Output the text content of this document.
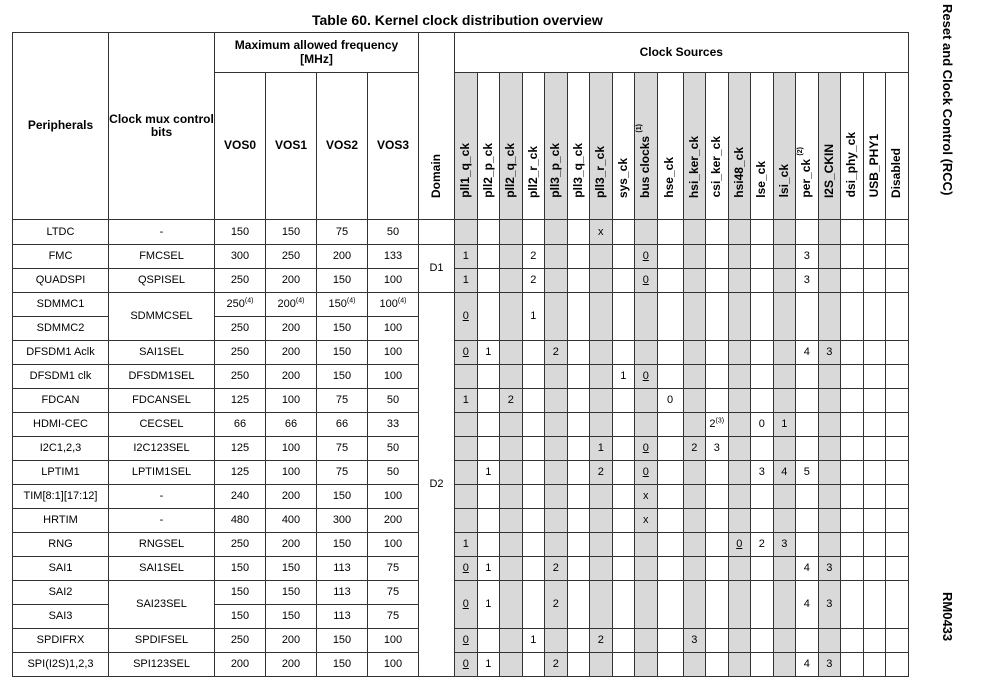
Table 60. Kernel clock distribution overview
Peripherals	Clock mux control bits	Maximum allowed frequency [MHz]				Domain	Clock Sources																			
		VOS0	VOS1	VOS2	VOS3		pll1_q_ck	pll2_p_ck	pll2_q_ck	pll2_r_ck	pll3_p_ck	pll3_q_ck	pll3_r_ck	sys_ck	bus clocks $^{(1)}$	hse_ck	hsi_ker_ck	csi_ker_ck	hsi48_ck	lse_ck	lsi_ck	per_ck $^{(2)}$	I2S_CKIN	dsi_phy_ck	USB_PHY1	Disabled
LTDC	-	150	150	75	50								x													
FMC	FMCSEL	300	250	200	133	D1	1			2					0							3				
QUADSPI	QSPISEL	250	200	150	100		1			2					0							3				
SDMMC1	SDMMCSEL	250$^{(4)}$	200$^{(4)}$	150$^{(4)}$	100$^{(4)}$	D2	0			1																
SDMMC2		250	200	150	100																					
DFSDM1 Aclk	SAI1SEL	250	200	150	100		0	1			2											4	3			
DFSDM1 clk	DFSDM1SEL	250	200	150	100									1	0											
FDCAN	FDCANSEL	125	100	75	50		1		2							0										
HDMI-CEC	CECSEL	66	66	66	33													2$^{(3)}$		0	1					
I2C1,2,3	I2C123SEL	125	100	75	50								1		0		2	3								
LPTIM1	LPTIM1SEL	125	100	75	50			1					2		0					3	4	5				
TIM[8:1][17:12]	-	240	200	150	100										x											
HRTIM	-	480	400	300	200										x											
RNG	RNGSEL	250	200	150	100		1												0	2	3					
SAI1	SAI1SEL	150	150	113	75		0	1			2											4	3			
SAI2	SAI23SEL	150	150	113	75		0	1			2											4	3			
SAI3		150	150	113	75																					
SPDIFRX	SPDIFSEL	250	200	150	100		0			1			2				3									
SPI(I2S)1,2,3	SPI123SEL	200	200	150	100		0	1			2											4	3			
Reset and Clock Control (RCC)
RM0433
